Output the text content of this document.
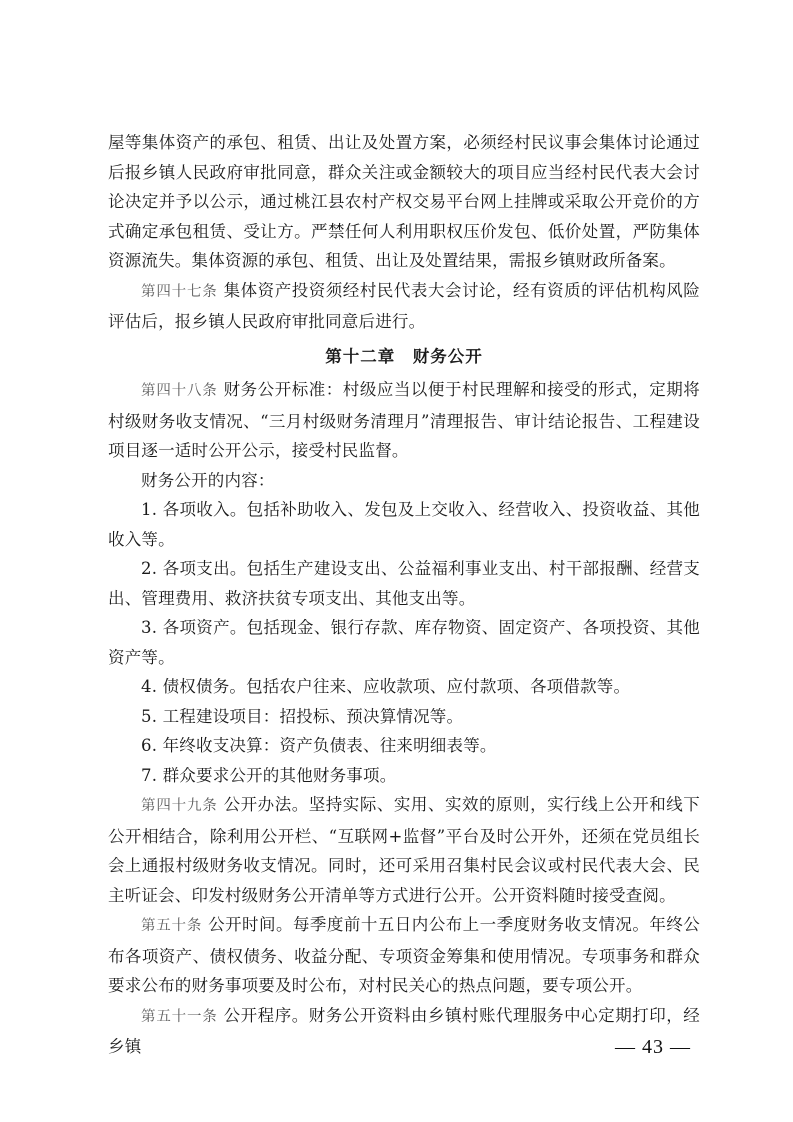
屋等集体资产的承包、租赁、出让及处置方案，必须经村民议事会集体讨论通过后报乡镇人民政府审批同意，群众关注或金额较大的项目应当经村民代表大会讨论决定并予以公示，通过桃江县农村产权交易平台网上挂牌或采取公开竞价的方式确定承包租赁、受让方。严禁任何人利用职权压价发包、低价处置，严防集体资源流失。集体资源的承包、租赁、出让及处置结果，需报乡镇财政所备案。

第四十七条 集体资产投资须经村民代表大会讨论，经有资质的评估机构风险评估后，报乡镇人民政府审批同意后进行。

第十二章　财务公开

第四十八条 财务公开标准：村级应当以便于村民理解和接受的形式，定期将村级财务收支情况、“三月村级财务清理月”清理报告、审计结论报告、工程建设项目逐一适时公开公示，接受村民监督。

财务公开的内容：

1. 各项收入。包括补助收入、发包及上交收入、经营收入、投资收益、其他收入等。

2. 各项支出。包括生产建设支出、公益福利事业支出、村干部报酬、经营支出、管理费用、救济扶贫专项支出、其他支出等。

3. 各项资产。包括现金、银行存款、库存物资、固定资产、各项投资、其他资产等。

4. 债权债务。包括农户往来、应收款项、应付款项、各项借款等。

5. 工程建设项目：招投标、预决算情况等。

6. 年终收支决算：资产负债表、往来明细表等。

7. 群众要求公开的其他财务事项。

第四十九条 公开办法。坚持实际、实用、实效的原则，实行线上公开和线下公开相结合，除利用公开栏、“互联网+监督”平台及时公开外，还须在党员组长会上通报村级财务收支情况。同时，还可采用召集村民会议或村民代表大会、民主听证会、印发村级财务公开清单等方式进行公开。公开资料随时接受查阅。

第五十条 公开时间。每季度前十五日内公布上一季度财务收支情况。年终公布各项资产、债权债务、收益分配、专项资金筹集和使用情况。专项事务和群众要求公布的财务事项要及时公布，对村民关心的热点问题，要专项公开。

第五十一条 公开程序。财务公开资料由乡镇村账代理服务中心定期打印，经乡镇	— 43 —
